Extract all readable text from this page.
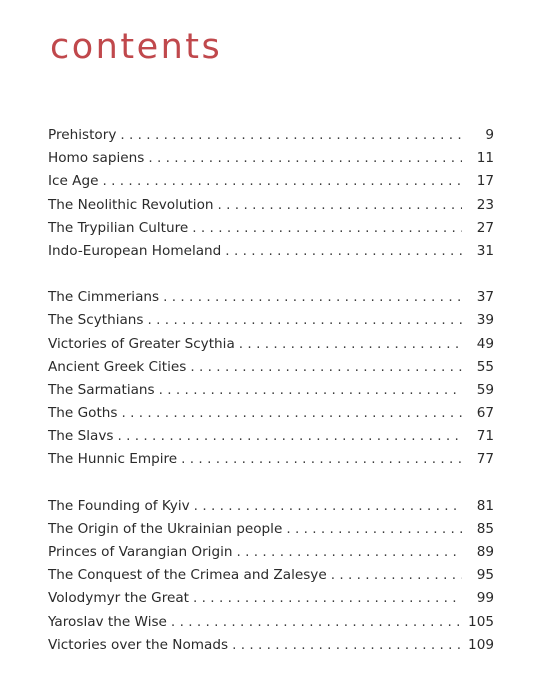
contents
Prehistory . . .	9
Homo sapiens . . .	11
Ice Age . . .	17
The Neolithic Revolution . . .	23
The Trypilian Culture . . .	27
Indo-European Homeland . . .	31
The Cimmerians . . .	37
The Scythians . . .	39
Victories of Greater Scythia . . .	49
Ancient Greek Cities . . .	55
The Sarmatians . . .	59
The Goths . . .	67
The Slavs . . .	71
The Hunnic Empire . . .	77
The Founding of Kyiv . . .	81
The Origin of the Ukrainian people . . .	85
Princes of Varangian Origin . . .	89
The Conquest of the Crimea and Zalesye . . .	95
Volodymyr the Great . . .	99
Yaroslav the Wise . . .	105
Victories over the Nomads . . .	109
